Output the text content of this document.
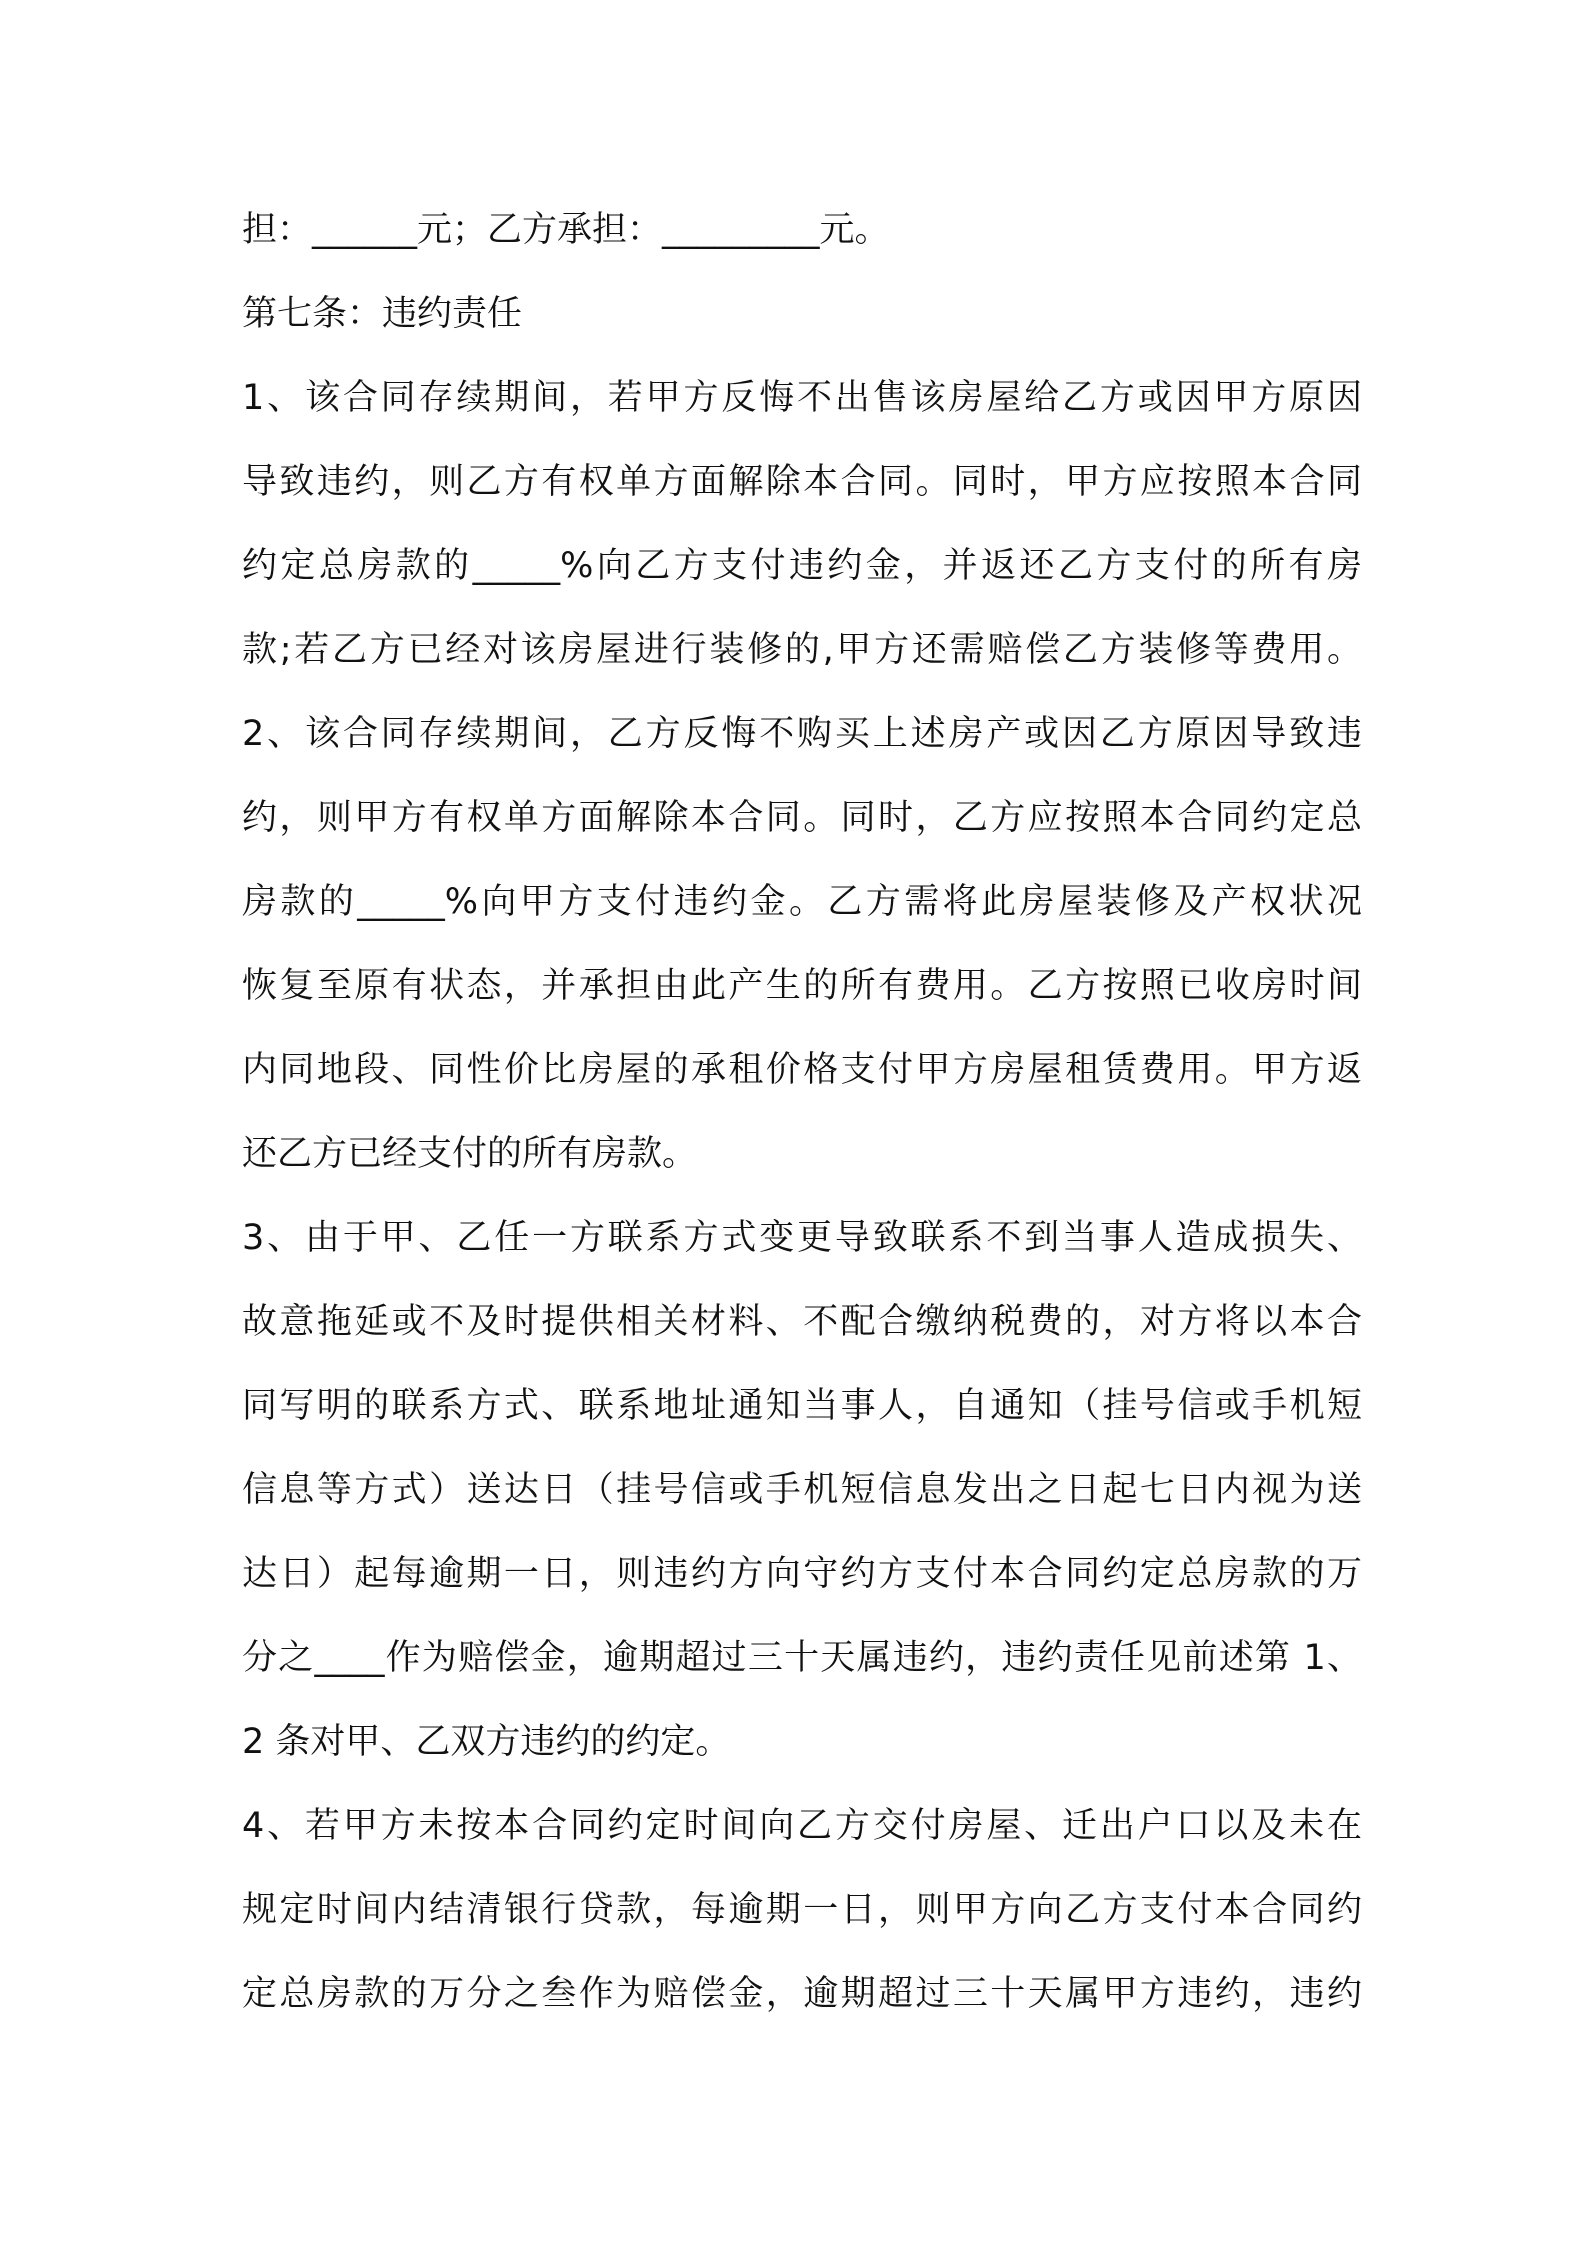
担：______元；乙方承担：_________元。
第七条：违约责任
1、该合同存续期间，若甲方反悔不出售该房屋给乙方或因甲方原因
导致违约，则乙方有权单方面解除本合同。同时，甲方应按照本合同
约定总房款的_____%向乙方支付违约金，并返还乙方支付的所有房
款;若乙方已经对该房屋进行装修的,甲方还需赔偿乙方装修等费用。
2、该合同存续期间，乙方反悔不购买上述房产或因乙方原因导致违
约，则甲方有权单方面解除本合同。同时，乙方应按照本合同约定总
房款的_____%向甲方支付违约金。乙方需将此房屋装修及产权状况
恢复至原有状态，并承担由此产生的所有费用。乙方按照已收房时间
内同地段、同性价比房屋的承租价格支付甲方房屋租赁费用。甲方返
还乙方已经支付的所有房款。
3、由于甲、乙任一方联系方式变更导致联系不到当事人造成损失、
故意拖延或不及时提供相关材料、不配合缴纳税费的，对方将以本合
同写明的联系方式、联系地址通知当事人，自通知（挂号信或手机短
信息等方式）送达日（挂号信或手机短信息发出之日起七日内视为送
达日）起每逾期一日，则违约方向守约方支付本合同约定总房款的万
分之____作为赔偿金，逾期超过三十天属违约，违约责任见前述第 1、
2 条对甲、乙双方违约的约定。
4、若甲方未按本合同约定时间向乙方交付房屋、迁出户口以及未在
规定时间内结清银行贷款，每逾期一日，则甲方向乙方支付本合同约
定总房款的万分之叁作为赔偿金，逾期超过三十天属甲方违约，违约
